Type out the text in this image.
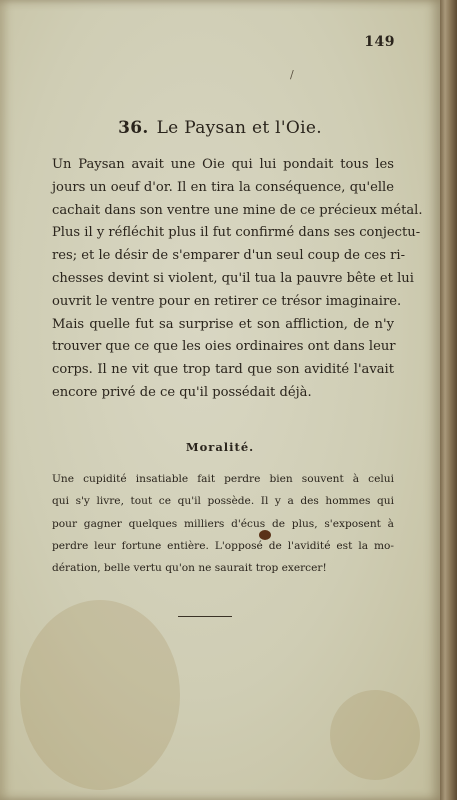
149
/
36. Le Paysan et l'Oie.

Un Paysan avait une Oie qui lui pondait tous les
jours un oeuf d'or. Il en tira la conséquence, qu'elle
cachait dans son ventre une mine de ce précieux métal.
Plus il y réfléchit plus il fut confirmé dans ses conjectu-
res; et le désir de s'emparer d'un seul coup de ces ri-
chesses devint si violent, qu'il tua la pauvre bête et lui
ouvrit le ventre pour en retirer ce trésor imaginaire.
Mais quelle fut sa surprise et son affliction, de n'y
trouver que ce que les oies ordinaires ont dans leur
corps. Il ne vit que trop tard que son avidité l'avait
encore privé de ce qu'il possédait déjà.

Moralité.

Une cupidité insatiable fait perdre bien souvent à celui
qui s'y livre, tout ce qu'il possède. Il y a des hommes qui
pour gagner quelques milliers d'écus de plus, s'exposent à
perdre leur fortune entière. L'opposé de l'avidité est la mo-
dération, belle vertu qu'on ne saurait trop exercer!
